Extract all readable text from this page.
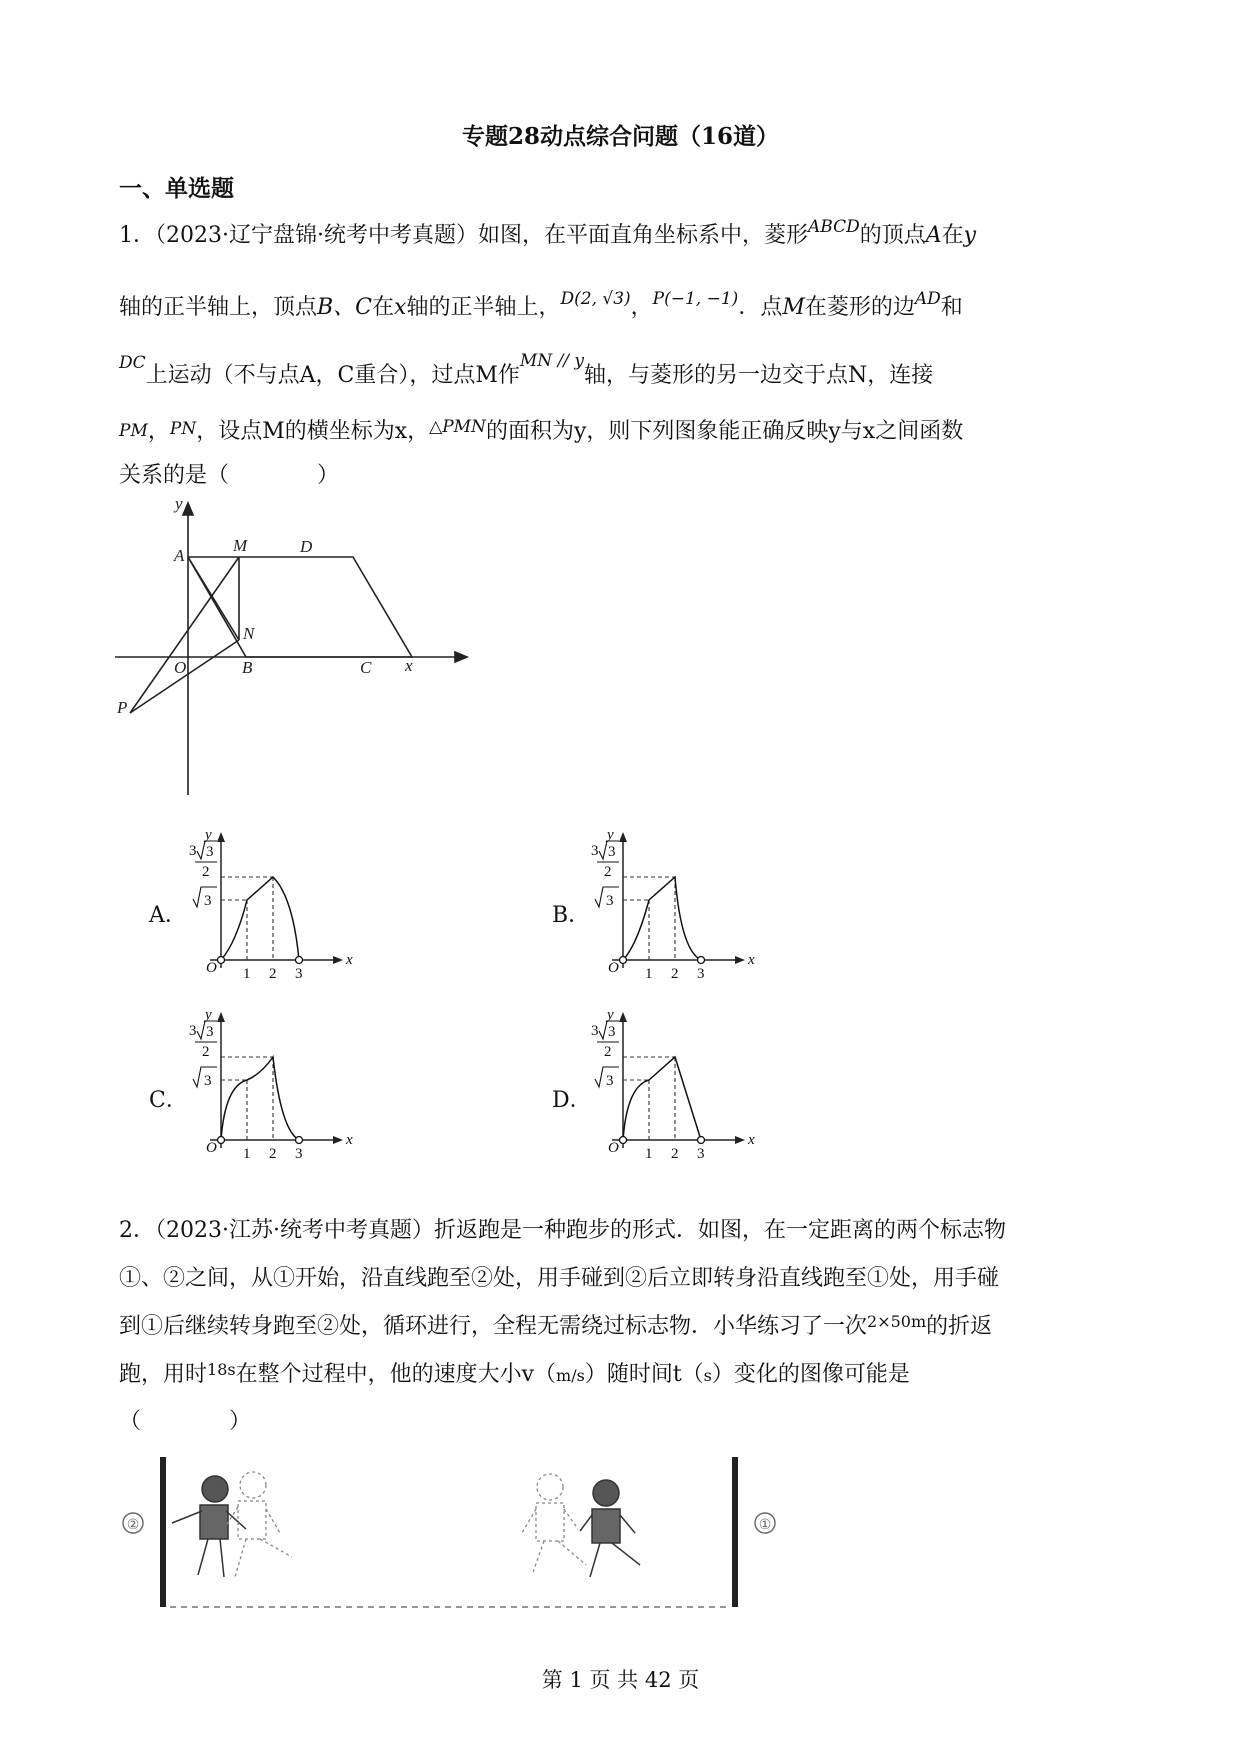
专题28动点综合问题（16道）
一、单选题
1．（2023·辽宁盘锦·统考中考真题）如图，在平面直角坐标系中，菱形$^{ABCD}$的顶点A在y
轴的正半轴上，顶点B、C在x轴的正半轴上，$^{D(2, √3)}$，$^{P(-1, -1)}$．点M在菱形的边$^{AD}$和
$^{DC}$上运动（不与点A，C重合），过点M作$^{MN // y}$轴，与菱形的另一边交于点N，连接
PM，PN，设点M的横坐标为x，$^{\triangle PMN}$的面积为y，则下列图象能正确反映y与x之间函数
关系的是（　　　　）
y
A
M	D
N
O	B	C x
P
A．	B．
C．	D．
1 2 3
O	x
y
3 3
2
3
1 2 3
O	x
y
3 3
2
3
1 2 3
O	x
y
3 3
2
3
1 2 3
O	x
y
3 3
2
3
2．（2023·江苏·统考中考真题）折返跑是一种跑步的形式．如图，在一定距离的两个标志物
①、②之间，从①开始，沿直线跑至②处，用手碰到②后立即转身沿直线跑至①处，用手碰
到①后继续转身跑至②处，循环进行，全程无需绕过标志物．小华练习了一次$^{2\times 50m}$的折返
跑，用时$^{18s}$在整个过程中，他的速度大小v（m/s）随时间t（s）变化的图像可能是
（　　　　）
②	①
第 1 页 共 42 页
